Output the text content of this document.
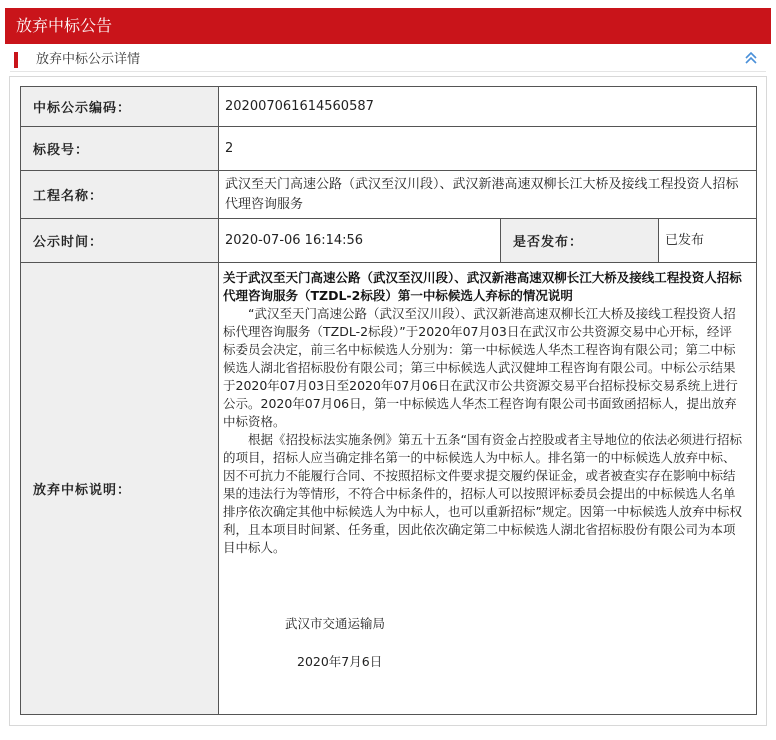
放弃中标公告
放弃中标公示详情
中标公示编码：	202007061614560587		
标段号：	2		
工程名称：	武汉至天门高速公路（武汉至汉川段）、武汉新港高速双柳长江大桥及接线工程投资人招标代理咨询服务		
公示时间：	2020-07-06 16:14:56	是否发布：	已发布
放弃中标说明：	关于武汉至天门高速公路（武汉至汉川段）、武汉新港高速双柳长江大桥及接线工程投资人招标代理咨询服务（TZDL-2标段）第一中标候选人弃标的情况说明
“武汉至天门高速公路（武汉至汉川段）、武汉新港高速双柳长江大桥及接线工程投资人招标代理咨询服务（TZDL-2标段）”于2020年07月03日在武汉市公共资源交易中心开标，经评标委员会决定，前三名中标候选人分别为：第一中标候选人华杰工程咨询有限公司；第二中标候选人湖北省招标股份有限公司；第三中标候选人武汉健坤工程咨询有限公司。中标公示结果于2020年07月03日至2020年07月06日在武汉市公共资源交易平台招标投标交易系统上进行公示。2020年07月06日，第一中标候选人华杰工程咨询有限公司书面致函招标人，提出放弃中标资格。
根据《招投标法实施条例》第五十五条“国有资金占控股或者主导地位的依法必须进行招标的项目，招标人应当确定排名第一的中标候选人为中标人。排名第一的中标候选人放弃中标、因不可抗力不能履行合同、不按照招标文件要求提交履约保证金，或者被查实存在影响中标结果的违法行为等情形，不符合中标条件的，招标人可以按照评标委员会提出的中标候选人名单排序依次确定其他中标候选人为中标人，也可以重新招标”规定。因第一中标候选人放弃中标权利，且本项目时间紧、任务重，因此依次确定第二中标候选人湖北省招标股份有限公司为本项目中标人。
武汉市交通运输局
2020年7月6日		
